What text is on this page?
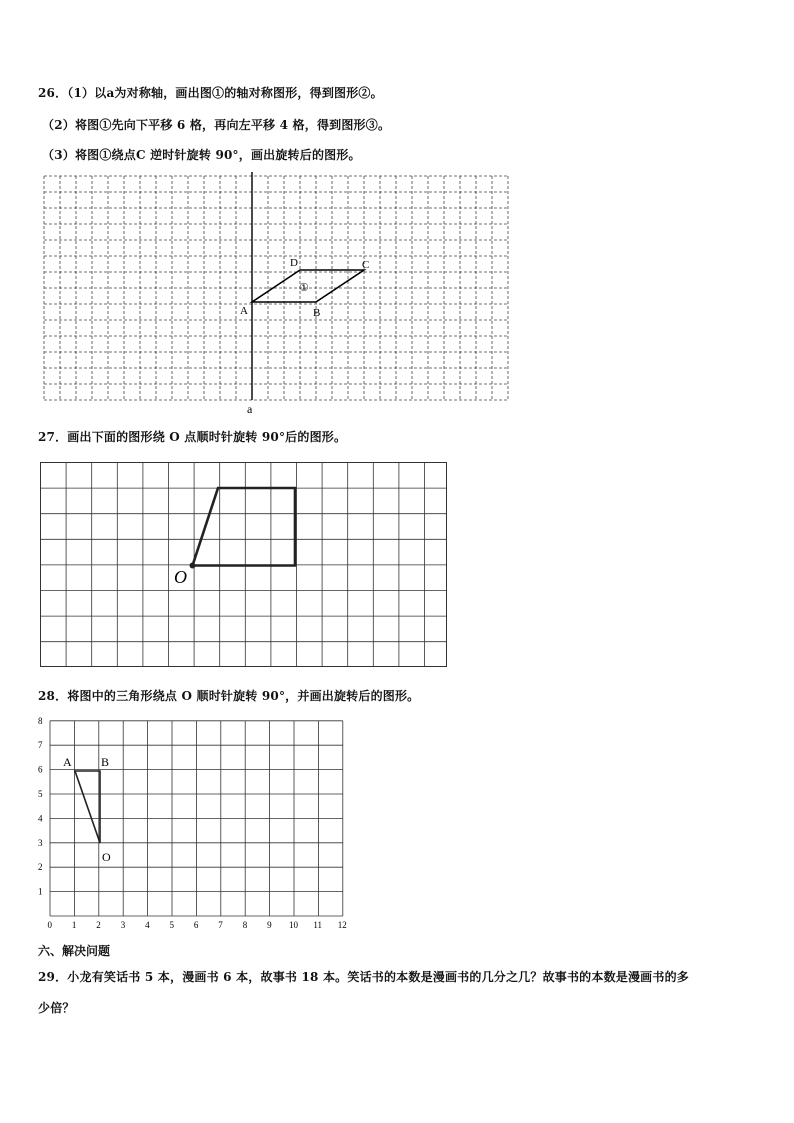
26．（1）以a为对称轴，画出图①的轴对称图形，得到图形②。
（2）将图①先向下平移 6 格，再向左平移 4 格，得到图形③。
（3）将图①绕点C 逆时针旋转 90°，画出旋转后的图形。
A	B
C
D
①
a
27．画出下面的图形绕 O 点顺时针旋转 90°后的图形。
O
28．将图中的三角形绕点 O 顺时针旋转 90°，并画出旋转后的图形。
A B
O
0 1 2 3 4 5 6 7 8 9 10 11 12
1
2
3
4
5
6
7
8
六、解决问题
29．小龙有笑话书 5 本，漫画书 6 本，故事书 18 本。笑话书的本数是漫画书的几分之几？故事书的本数是漫画书的多
少倍？
